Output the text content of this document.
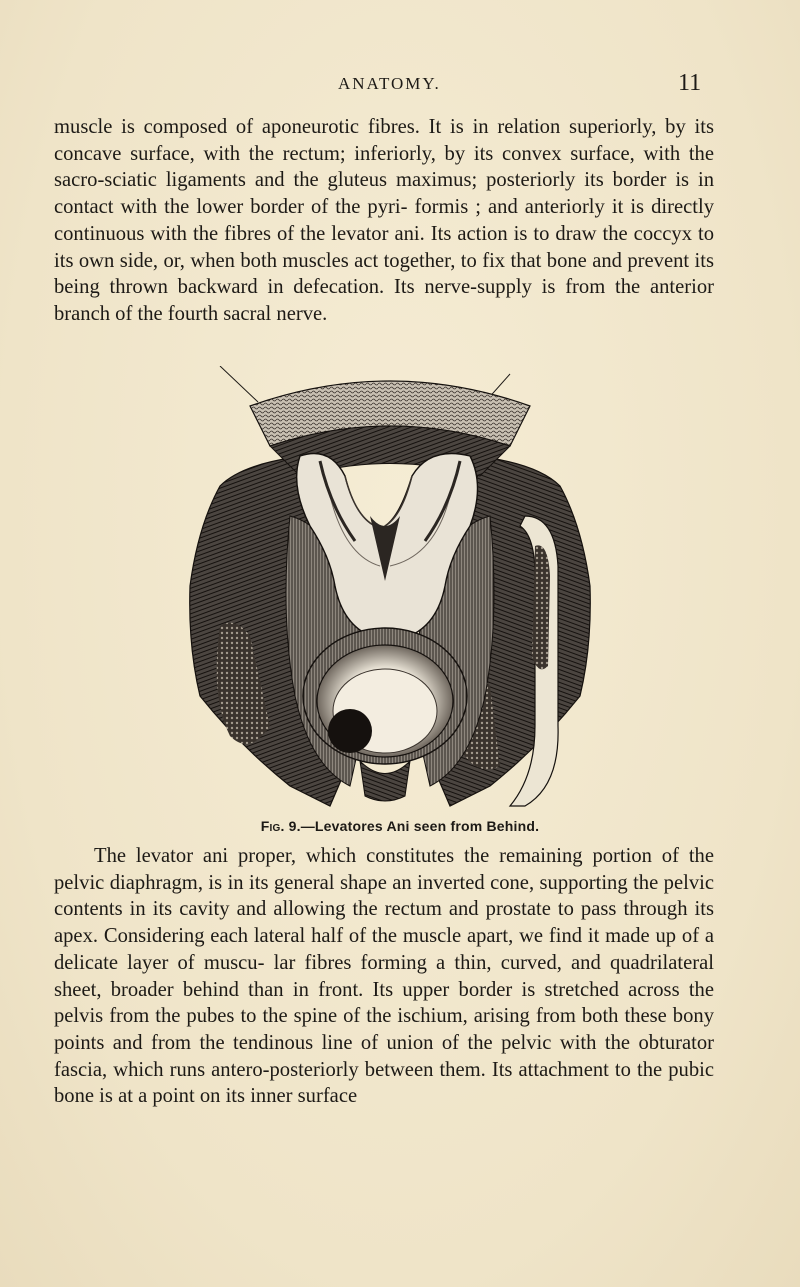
ANATOMY.	11

muscle is composed of aponeurotic fibres. It is in relation superiorly, by its concave surface, with the rectum; inferiorly, by its convex surface, with the sacro-sciatic ligaments and the gluteus maximus; posteriorly its border is in contact with the lower border of the pyri- formis ; and anteriorly it is directly continuous with the fibres of the levator ani. Its action is to draw the coccyx to its own side, or, when both muscles act together, to fix that bone and prevent its being thrown backward in defecation. Its nerve-supply is from the anterior branch of the fourth sacral nerve.

Fig. 9.—Levatores Ani seen from Behind.

The levator ani proper, which constitutes the remaining portion of the pelvic diaphragm, is in its general shape an inverted cone, supporting the pelvic contents in its cavity and allowing the rectum and prostate to pass through its apex. Considering each lateral half of the muscle apart, we find it made up of a delicate layer of muscu- lar fibres forming a thin, curved, and quadrilateral sheet, broader behind than in front. Its upper border is stretched across the pelvis from the pubes to the spine of the ischium, arising from both these bony points and from the tendinous line of union of the pelvic with the obturator fascia, which runs antero-posteriorly between them. Its attachment to the pubic bone is at a point on its inner surface
